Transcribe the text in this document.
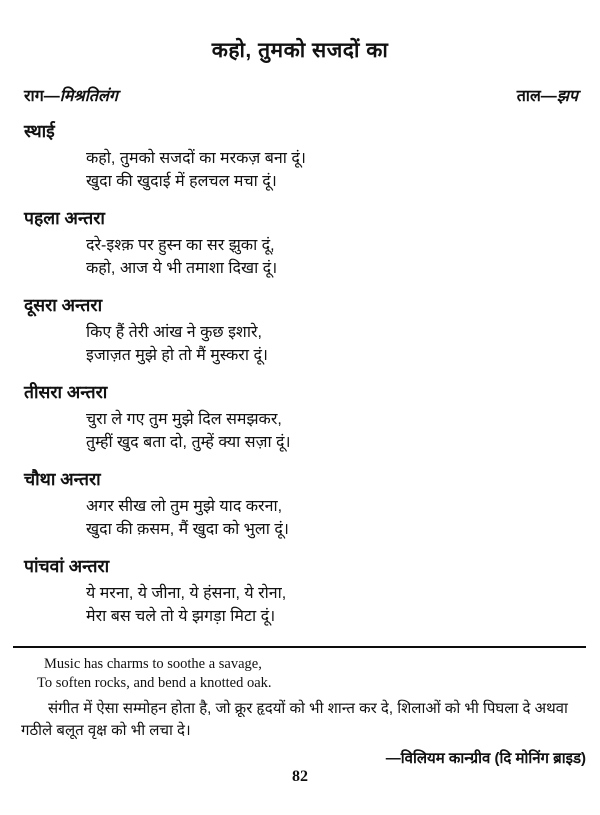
कहो, तुमको सजदों का
राग—मिश्रतिलंग	ताल—झप
स्थाई
कहो, तुमको सजदों का मरकज़ बना दूं।
खुदा की खुदाई में हलचल मचा दूं।
पहला अन्तरा
दरे-इश्क़ पर हुस्न का सर झुका दूं,
कहो, आज ये भी तमाशा दिखा दूं।
दूसरा अन्तरा
किए हैं तेरी आंख ने कुछ इशारे,
इजाज़त मुझे हो तो मैं मुस्करा दूं।
तीसरा अन्तरा
चुरा ले गए तुम मुझे दिल समझकर,
तुम्हीं खुद बता दो, तुम्हें क्या सज़ा दूं।
चौथा अन्तरा
अगर सीख लो तुम मुझे याद करना,
खुदा की क़सम, मैं खुदा को भुला दूं।
पांचवां अन्तरा
ये मरना, ये जीना, ये हंसना, ये रोना,
मेरा बस चले तो ये झगड़ा मिटा दूं।
Music has charms to soothe a savage,
To soften rocks, and bend a knotted oak.
संगीत में ऐसा सम्मोहन होता है, जो क्रूर हृदयों को भी शान्त कर दे, शिलाओं को भी पिघला दे अथवा गठीले बलूत वृक्ष को भी लचा दे।
—विलियम कान्ग्रीव (दि मोनिंग ब्राइड)
82
